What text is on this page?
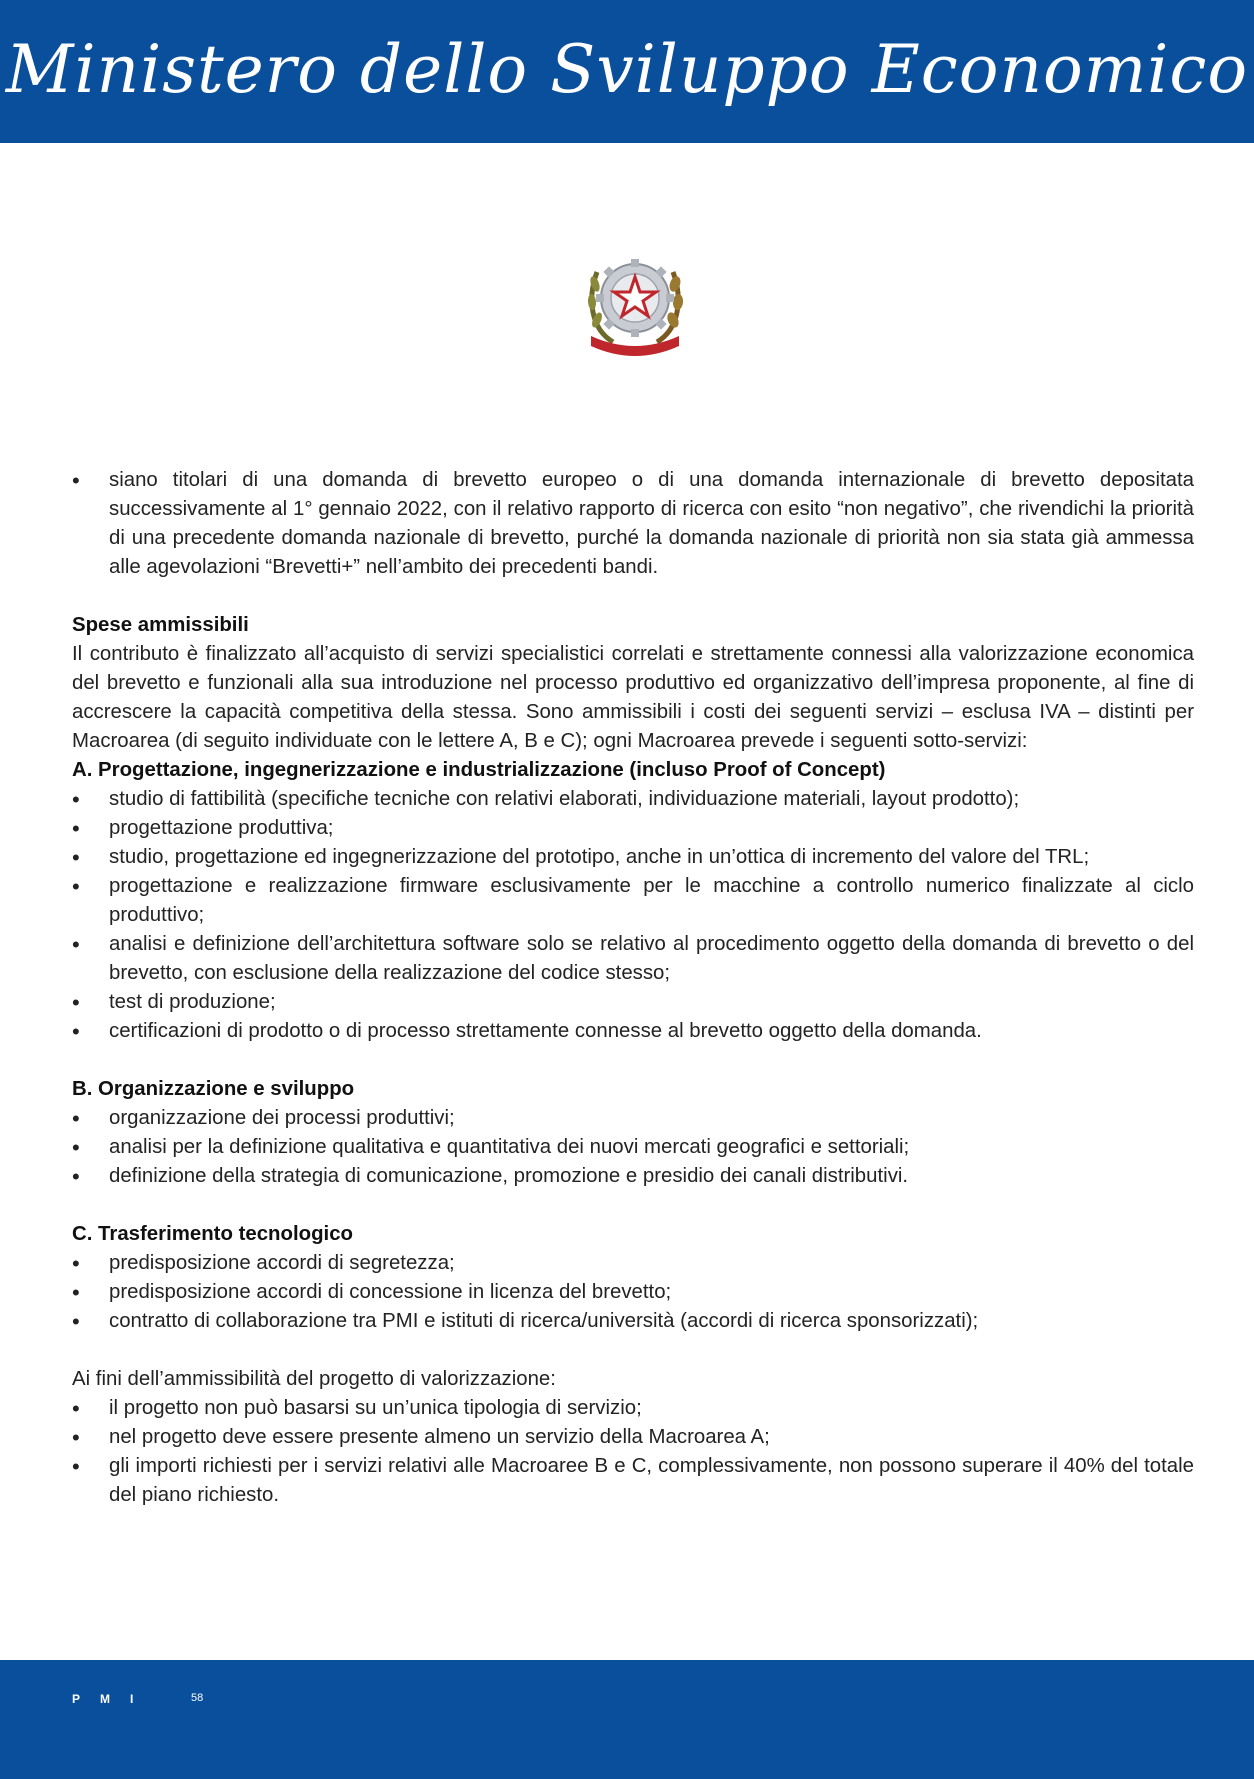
Ministero dello Sviluppo Economico
• siano titolari di una domanda di brevetto europeo o di una domanda internazionale di brevetto depositata successivamente al 1° gennaio 2022, con il relativo rapporto di ricerca con esito “non negativo”, che rivendichi la priorità di una precedente domanda nazionale di brevetto, purché la domanda nazionale di priorità non sia stata già ammessa alle agevolazioni “Brevetti+” nell’ambito dei precedenti bandi.

Spese ammissibili

Il contributo è finalizzato all’acquisto di servizi specialistici correlati e strettamente connessi alla valorizzazione economica del brevetto e funzionali alla sua introduzione nel processo produttivo ed organizzativo dell’impresa proponente, al fine di accrescere la capacità competitiva della stessa. Sono ammissibili i costi dei seguenti servizi – esclusa IVA – distinti per Macroarea (di seguito individuate con le lettere A, B e C); ogni Macroarea prevede i seguenti sotto-servizi:

A. Progettazione, ingegnerizzazione e industrializzazione (incluso Proof of Concept)

• studio di fattibilità (specifiche tecniche con relativi elaborati, individuazione materiali, layout prodotto);
• progettazione produttiva;
• studio, progettazione ed ingegnerizzazione del prototipo, anche in un’ottica di incremento del valore del TRL;
• progettazione e realizzazione firmware esclusivamente per le macchine a controllo numerico finalizzate al ciclo produttivo;
• analisi e definizione dell’architettura software solo se relativo al procedimento oggetto della domanda di brevetto o del brevetto, con esclusione della realizzazione del codice stesso;
• test di produzione;
• certificazioni di prodotto o di processo strettamente connesse al brevetto oggetto della domanda.

B. Organizzazione e sviluppo

• organizzazione dei processi produttivi;
• analisi per la definizione qualitativa e quantitativa dei nuovi mercati geografici e settoriali;
• definizione della strategia di comunicazione, promozione e presidio dei canali distributivi.

C. Trasferimento tecnologico

• predisposizione accordi di segretezza;
• predisposizione accordi di concessione in licenza del brevetto;
• contratto di collaborazione tra PMI e istituti di ricerca/università (accordi di ricerca sponsorizzati);

Ai fini dell’ammissibilità del progetto di valorizzazione:

• il progetto non può basarsi su un’unica tipologia di servizio;
• nel progetto deve essere presente almeno un servizio della Macroarea A;
• gli importi richiesti per i servizi relativi alle Macroaree B e C, complessivamente, non possono superare il 40% del totale del piano richiesto.
PMI	58
